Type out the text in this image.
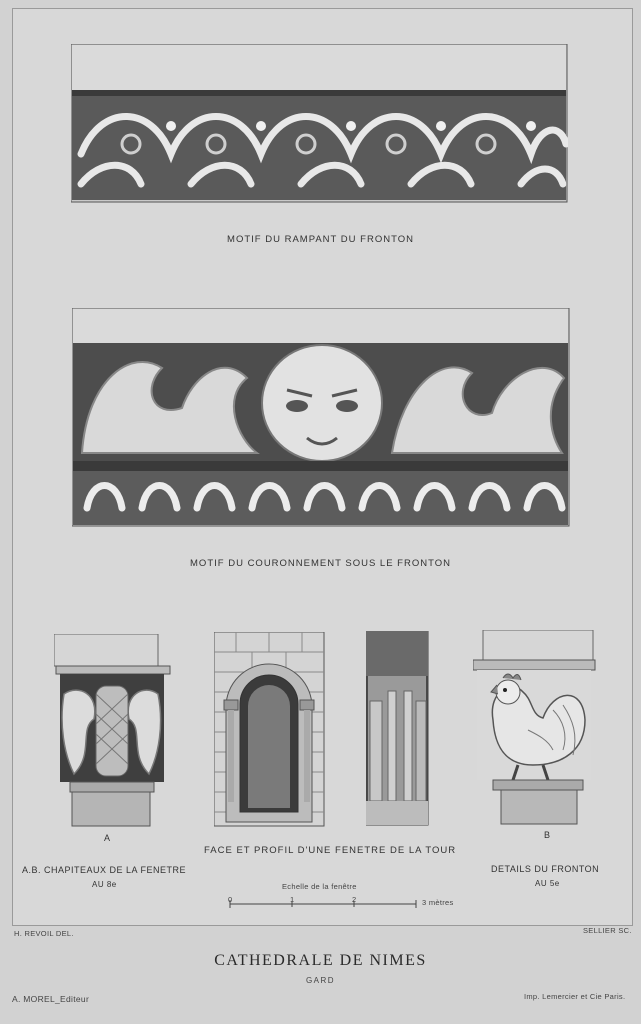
MOTIF DU RAMPANT DU FRONTON
MOTIF DU COURONNEMENT SOUS LE FRONTON
A	B
FACE ET PROFIL D'UNE FENETRE DE LA TOUR
A.B. CHAPITEAUX DE LA FENETRE
AU 8e
DETAILS DU FRONTON
AU 5e
Echelle de la fenêtre
0	1	2	3 mètres
H. REVOIL DEL.	SELLIER SC.
CATHEDRALE DE NIMES
GARD
A. MOREL_Editeur	Imp. Lemercier et Cie Paris.
